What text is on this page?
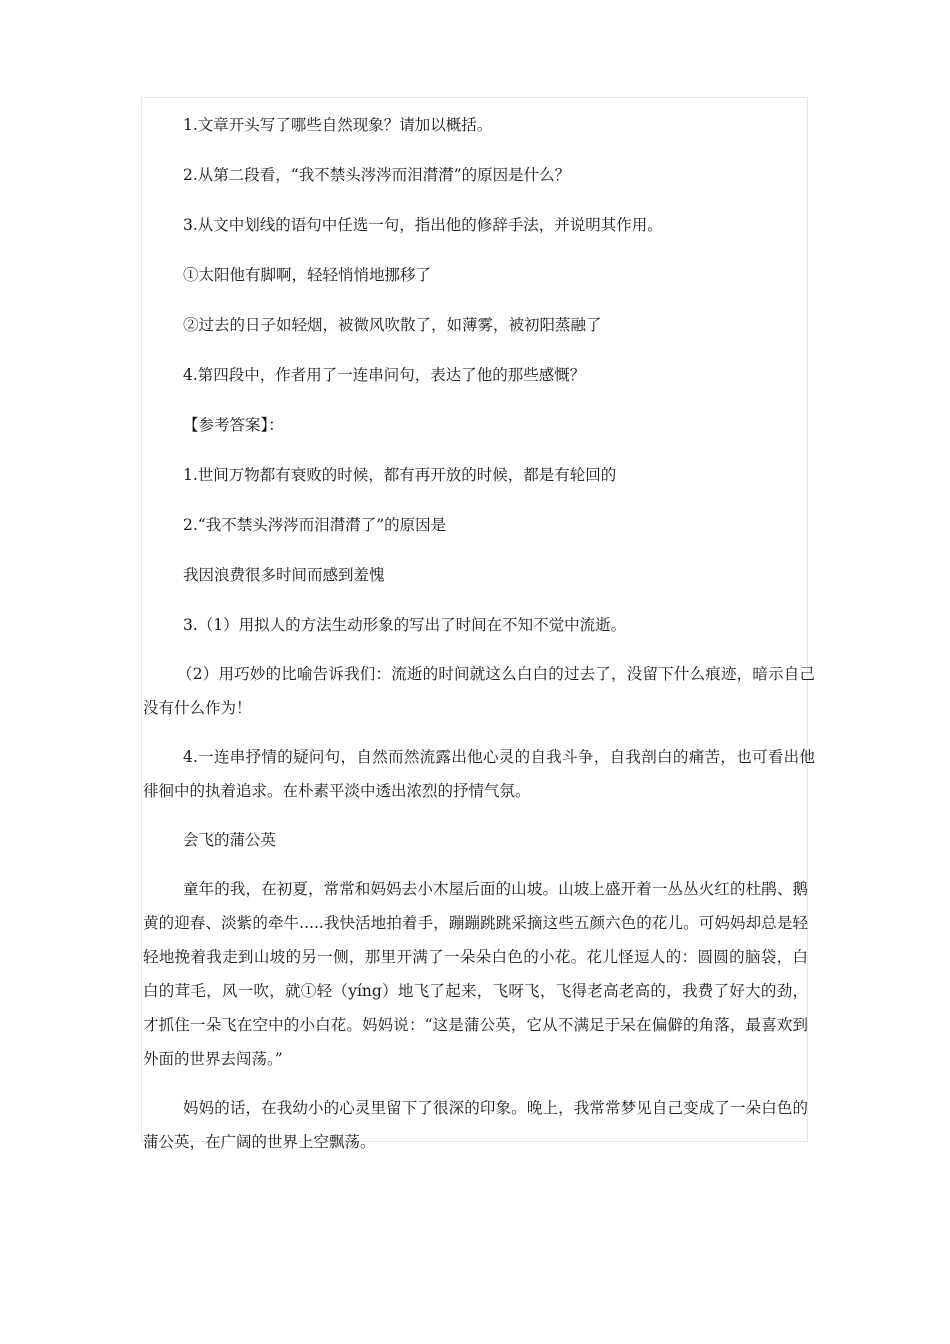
1.文章开头写了哪些自然现象？请加以概括。

2.从第二段看，“我不禁头涔涔而泪潸潸”的原因是什么？

3.从文中划线的语句中任选一句，指出他的修辞手法，并说明其作用。

①太阳他有脚啊，轻轻悄悄地挪移了

②过去的日子如轻烟，被微风吹散了，如薄雾，被初阳蒸融了

4.第四段中，作者用了一连串问句，表达了他的那些感慨？

【参考答案】：

1.世间万物都有衰败的时候，都有再开放的时候，都是有轮回的

2.“我不禁头涔涔而泪潸潸了”的原因是

我因浪费很多时间而感到羞愧

3.（1）用拟人的方法生动形象的写出了时间在不知不觉中流逝。

（2）用巧妙的比喻告诉我们：流逝的时间就这么白白的过去了，没留下什么痕迹，暗示自己没有什么作为！

4.一连串抒情的疑问句，自然而然流露出他心灵的自我斗争，自我剖白的痛苦，也可看出他徘徊中的执着追求。在朴素平淡中透出浓烈的抒情气氛。

会飞的蒲公英

童年的我，在初夏，常常和妈妈去小木屋后面的山坡。山坡上盛开着一丛丛火红的杜鹃、鹅黄的迎春、淡紫的牵牛.....我快活地拍着手，蹦蹦跳跳采摘这些五颜六色的花儿。可妈妈却总是轻轻地挽着我走到山坡的另一侧，那里开满了一朵朵白色的小花。花儿怪逗人的：圆圆的脑袋，白白的茸毛，风一吹，就①轻（yíng）地飞了起来，飞呀飞，飞得老高老高的，我费了好大的劲，才抓住一朵飞在空中的小白花。妈妈说：“这是蒲公英，它从不满足于呆在偏僻的角落，最喜欢到外面的世界去闯荡。”

妈妈的话，在我幼小的心灵里留下了很深的印象。晚上，我常常梦见自己变成了一朵白色的蒲公英，在广阔的世界上空飘荡。
